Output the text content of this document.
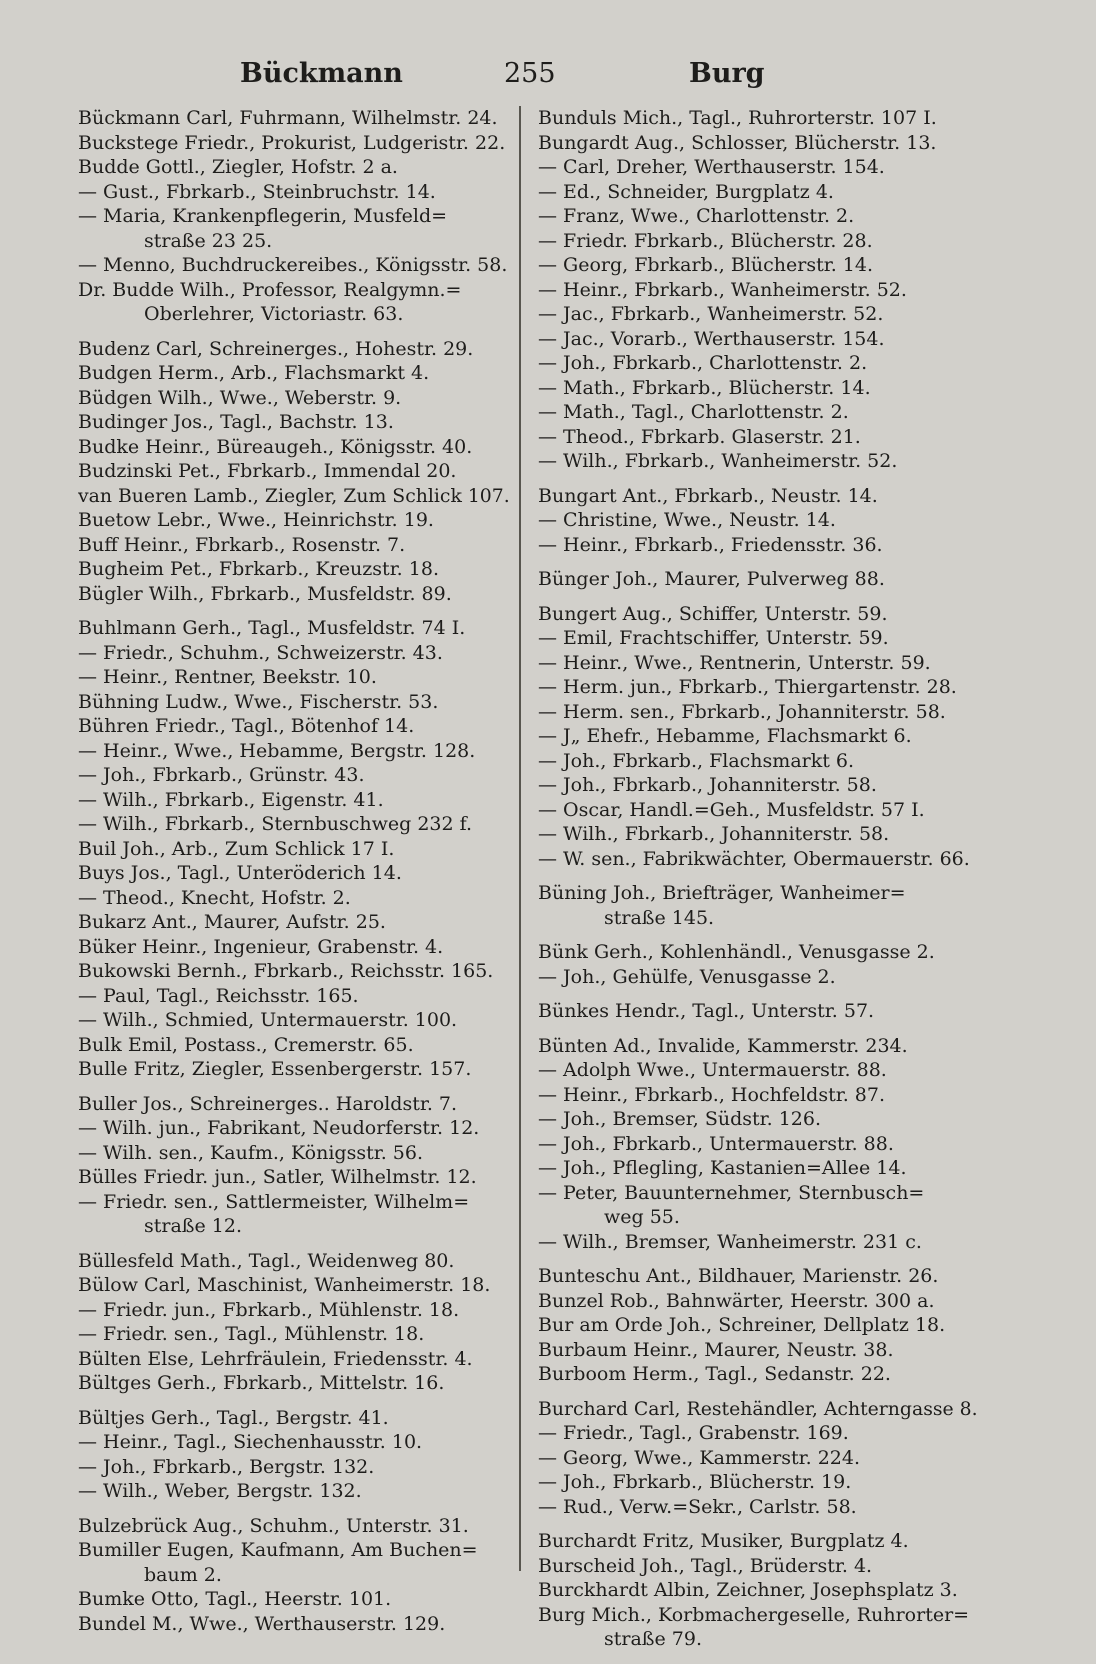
Bückmann	255	Burg
Bückmann Carl, Fuhrmann, Wilhelmstr. 24.
Buckstege Friedr., Prokurist, Ludgeristr. 22.
Budde Gottl., Ziegler, Hofstr. 2 a.
— Gust., Fbrkarb., Steinbruchstr. 14.
— Maria, Krankenpflegerin, Musfeld=
straße 23 25.
— Menno, Buchdruckereibes., Königsstr. 58.
Dr. Budde Wilh., Professor, Realgymn.=
Oberlehrer, Victoriastr. 63.
Budenz Carl, Schreinerges., Hohestr. 29.
Budgen Herm., Arb., Flachsmarkt 4.
Büdgen Wilh., Wwe., Weberstr. 9.
Budinger Jos., Tagl., Bachstr. 13.
Budke Heinr., Büreaugeh., Königsstr. 40.
Budzinski Pet., Fbrkarb., Immendal 20.
van Bueren Lamb., Ziegler, Zum Schlick 107.
Buetow Lebr., Wwe., Heinrichstr. 19.
Buff Heinr., Fbrkarb., Rosenstr. 7.
Bugheim Pet., Fbrkarb., Kreuzstr. 18.
Bügler Wilh., Fbrkarb., Musfeldstr. 89.
Buhlmann Gerh., Tagl., Musfeldstr. 74 I.
— Friedr., Schuhm., Schweizerstr. 43.
— Heinr., Rentner, Beekstr. 10.
Bühning Ludw., Wwe., Fischerstr. 53.
Bühren Friedr., Tagl., Bötenhof 14.
— Heinr., Wwe., Hebamme, Bergstr. 128.
— Joh., Fbrkarb., Grünstr. 43.
— Wilh., Fbrkarb., Eigenstr. 41.
— Wilh., Fbrkarb., Sternbuschweg 232 f.
Buil Joh., Arb., Zum Schlick 17 I.
Buys Jos., Tagl., Unteröderich 14.
— Theod., Knecht, Hofstr. 2.
Bukarz Ant., Maurer, Aufstr. 25.
Büker Heinr., Ingenieur, Grabenstr. 4.
Bukowski Bernh., Fbrkarb., Reichsstr. 165.
— Paul, Tagl., Reichsstr. 165.
— Wilh., Schmied, Untermauerstr. 100.
Bulk Emil, Postass., Cremerstr. 65.
Bulle Fritz, Ziegler, Essenbergerstr. 157.
Buller Jos., Schreinerges.. Haroldstr. 7.
— Wilh. jun., Fabrikant, Neudorferstr. 12.
— Wilh. sen., Kaufm., Königsstr. 56.
Bülles Friedr. jun., Satler, Wilhelmstr. 12.
— Friedr. sen., Sattlermeister, Wilhelm=
straße 12.
Büllesfeld Math., Tagl., Weidenweg 80.
Bülow Carl, Maschinist, Wanheimerstr. 18.
— Friedr. jun., Fbrkarb., Mühlenstr. 18.
— Friedr. sen., Tagl., Mühlenstr. 18.
Bülten Else, Lehrfräulein, Friedensstr. 4.
Bültges Gerh., Fbrkarb., Mittelstr. 16.
Bültjes Gerh., Tagl., Bergstr. 41.
— Heinr., Tagl., Siechenhausstr. 10.
— Joh., Fbrkarb., Bergstr. 132.
— Wilh., Weber, Bergstr. 132.
Bulzebrück Aug., Schuhm., Unterstr. 31.
Bumiller Eugen, Kaufmann, Am Buchen=
baum 2.
Bumke Otto, Tagl., Heerstr. 101.
Bundel M., Wwe., Werthauserstr. 129.
Bunduls Mich., Tagl., Ruhrorterstr. 107 I.
Bungardt Aug., Schlosser, Blücherstr. 13.
— Carl, Dreher, Werthauserstr. 154.
— Ed., Schneider, Burgplatz 4.
— Franz, Wwe., Charlottenstr. 2.
— Friedr. Fbrkarb., Blücherstr. 28.
— Georg, Fbrkarb., Blücherstr. 14.
— Heinr., Fbrkarb., Wanheimerstr. 52.
— Jac., Fbrkarb., Wanheimerstr. 52.
— Jac., Vorarb., Werthauserstr. 154.
— Joh., Fbrkarb., Charlottenstr. 2.
— Math., Fbrkarb., Blücherstr. 14.
— Math., Tagl., Charlottenstr. 2.
— Theod., Fbrkarb. Glaserstr. 21.
— Wilh., Fbrkarb., Wanheimerstr. 52.
Bungart Ant., Fbrkarb., Neustr. 14.
— Christine, Wwe., Neustr. 14.
— Heinr., Fbrkarb., Friedensstr. 36.
Bünger Joh., Maurer, Pulverweg 88.
Bungert Aug., Schiffer, Unterstr. 59.
— Emil, Frachtschiffer, Unterstr. 59.
— Heinr., Wwe., Rentnerin, Unterstr. 59.
— Herm. jun., Fbrkarb., Thiergartenstr. 28.
— Herm. sen., Fbrkarb., Johanniterstr. 58.
— J„ Ehefr., Hebamme, Flachsmarkt 6.
— Joh., Fbrkarb., Flachsmarkt 6.
— Joh., Fbrkarb., Johanniterstr. 58.
— Oscar, Handl.=Geh., Musfeldstr. 57 I.
— Wilh., Fbrkarb., Johanniterstr. 58.
— W. sen., Fabrikwächter, Obermauerstr. 66.
Büning Joh., Briefträger, Wanheimer=
straße 145.
Bünk Gerh., Kohlenhändl., Venusgasse 2.
— Joh., Gehülfe, Venusgasse 2.
Bünkes Hendr., Tagl., Unterstr. 57.
Bünten Ad., Invalide, Kammerstr. 234.
— Adolph Wwe., Untermauerstr. 88.
— Heinr., Fbrkarb., Hochfeldstr. 87.
— Joh., Bremser, Südstr. 126.
— Joh., Fbrkarb., Untermauerstr. 88.
— Joh., Pflegling, Kastanien=Allee 14.
— Peter, Bauunternehmer, Sternbusch=
weg 55.
— Wilh., Bremser, Wanheimerstr. 231 c.
Bunteschu Ant., Bildhauer, Marienstr. 26.
Bunzel Rob., Bahnwärter, Heerstr. 300 a.
Bur am Orde Joh., Schreiner, Dellplatz 18.
Burbaum Heinr., Maurer, Neustr. 38.
Burboom Herm., Tagl., Sedanstr. 22.
Burchard Carl, Restehändler, Achterngasse 8.
— Friedr., Tagl., Grabenstr. 169.
— Georg, Wwe., Kammerstr. 224.
— Joh., Fbrkarb., Blücherstr. 19.
— Rud., Verw.=Sekr., Carlstr. 58.
Burchardt Fritz, Musiker, Burgplatz 4.
Burscheid Joh., Tagl., Brüderstr. 4.
Burckhardt Albin, Zeichner, Josephsplatz 3.
Burg Mich., Korbmachergeselle, Ruhrorter=
straße 79.
